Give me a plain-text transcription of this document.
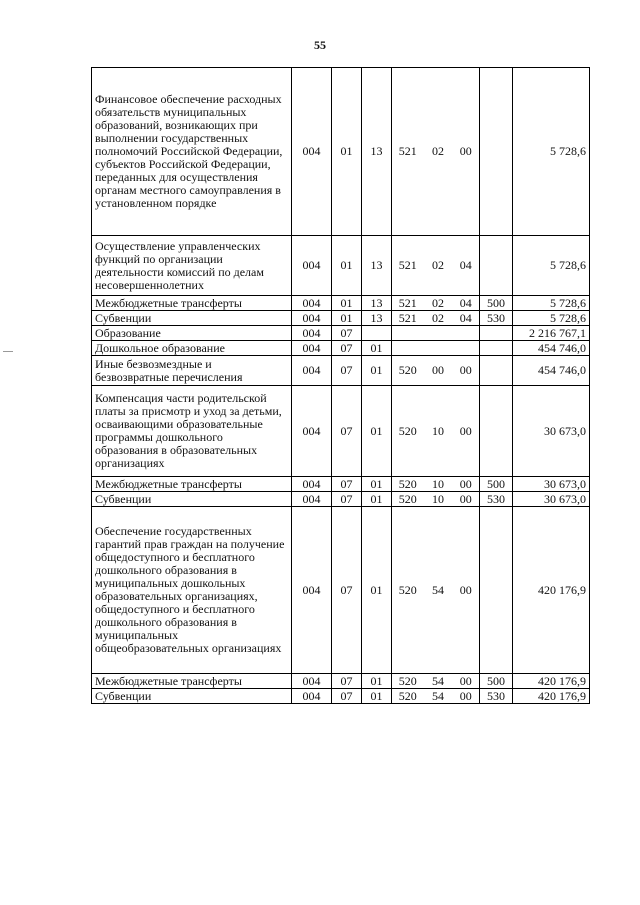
55
Финансовое обеспечение расходных обязательств муниципальных образований, возникающих при выполнении государственных полномочий Российской Федерации, субъектов Российской Федерации, переданных для осуществления органам местного самоуправления в установленном порядке	004	01	13	521	02	00		5 728,6
Осуществление управленческих функций по организации деятельности комиссий по делам несовершеннолетних	004	01	13	521	02	04		5 728,6
Межбюджетные трансферты	004	01	13	521	02	04	500	5 728,6
Субвенции	004	01	13	521	02	04	530	5 728,6
Образование	004	07						2 216 767,1
Дошкольное образование	004	07	01					454 746,0
Иные безвозмездные и безвозвратные перечисления	004	07	01	520	00	00		454 746,0
Компенсация части родительской платы за присмотр и уход за детьми, осваивающими образовательные программы дошкольного образования в образовательных организациях	004	07	01	520	10	00		30 673,0
Межбюджетные трансферты	004	07	01	520	10	00	500	30 673,0
Субвенции	004	07	01	520	10	00	530	30 673,0
Обеспечение государственных гарантий прав граждан на получение общедоступного и бесплатного дошкольного образования в муниципальных дошкольных образовательных организациях, общедоступного и бесплатного дошкольного образования в муниципальных общеобразовательных организациях	004	07	01	520	54	00		420 176,9
Межбюджетные трансферты	004	07	01	520	54	00	500	420 176,9
Субвенции	004	07	01	520	54	00	530	420 176,9
